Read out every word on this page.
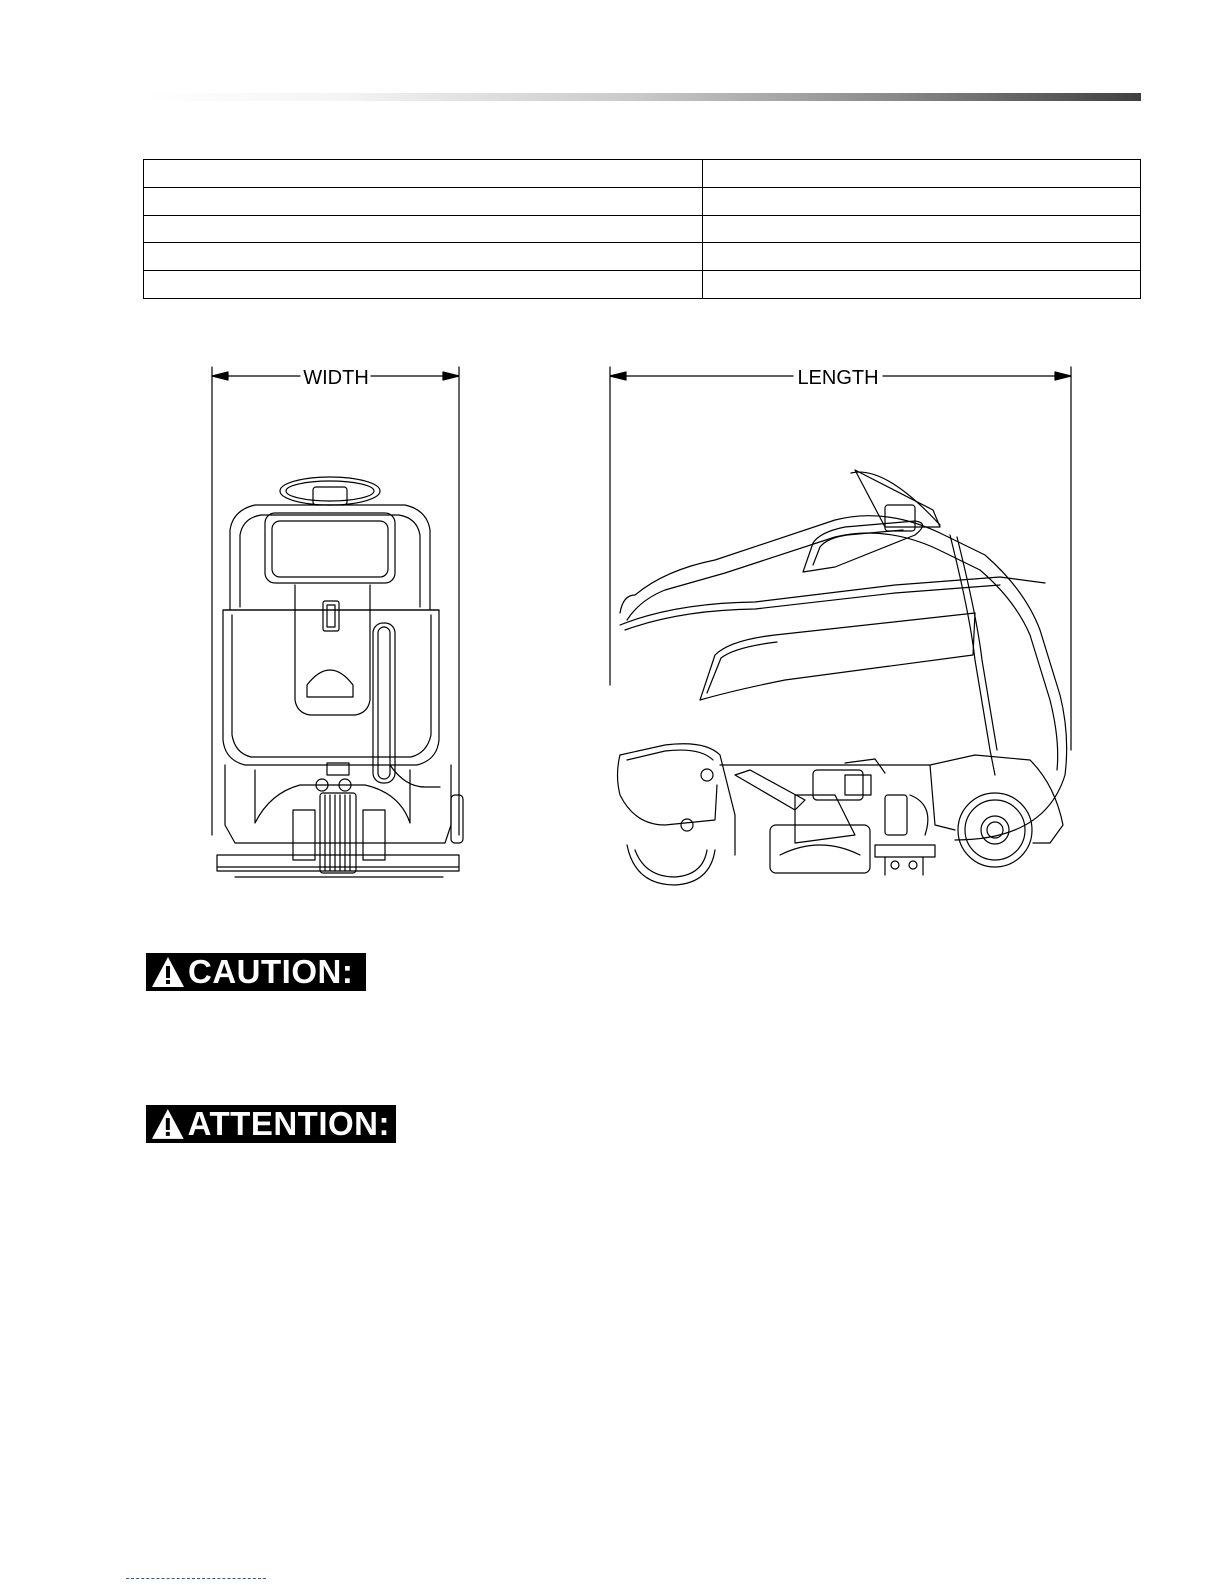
WIDTH	LENGTH
CAUTION:
ATTENTION:
